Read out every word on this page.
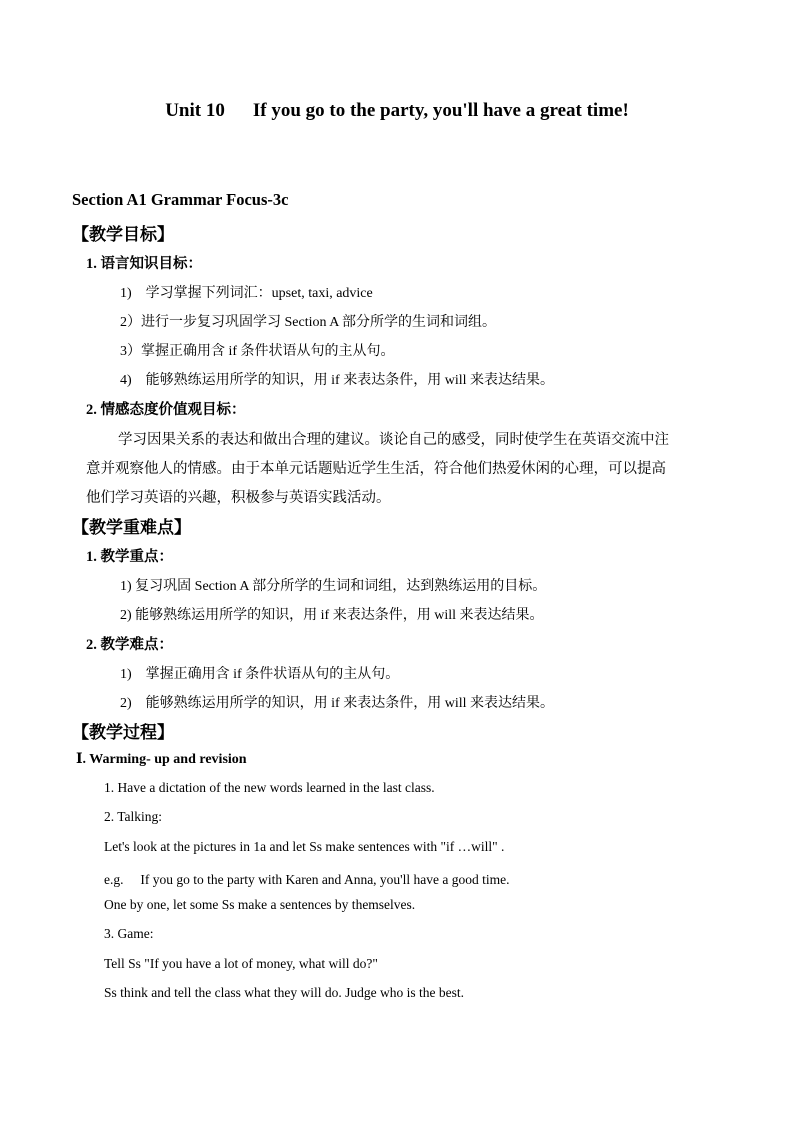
Unit 10 If you go to the party, you'll have a great time!
Section A1 Grammar Focus-3c
【教学目标】
1. 语言知识目标：
1)　学习掌握下列词汇：upset, taxi, advice
2）进行一步复习巩固学习 Section A 部分所学的生词和词组。
3）掌握正确用含 if 条件状语从句的主从句。
4)　能够熟练运用所学的知识，用 if 来表达条件，用 will 来表达结果。
2. 情感态度价值观目标：
学习因果关系的表达和做出合理的建议。谈论自己的感受，同时使学生在英语交流中注
意并观察他人的情感。由于本单元话题贴近学生生活，符合他们热爱休闲的心理，可以提高
他们学习英语的兴趣，积极参与英语实践活动。
【教学重难点】
1. 教学重点：
1) 复习巩固 Section A 部分所学的生词和词组，达到熟练运用的目标。
2) 能够熟练运用所学的知识，用 if 来表达条件，用 will 来表达结果。
2. 教学难点：
1)　掌握正确用含 if 条件状语从句的主从句。
2)　能够熟练运用所学的知识，用 if 来表达条件，用 will 来表达结果。
【教学过程】
Ⅰ. Warming- up and revision
1. Have a dictation of the new words learned in the last class.
2. Talking:
Let's look at the pictures in 1a and let Ss make sentences with "if …will" .
e.g.　 If you go to the party with Karen and Anna, you'll have a good time.
One by one, let some Ss make a sentences by themselves.
3. Game:
Tell Ss "If you have a lot of money, what will do?"
Ss think and tell the class what they will do. Judge who is the best.
